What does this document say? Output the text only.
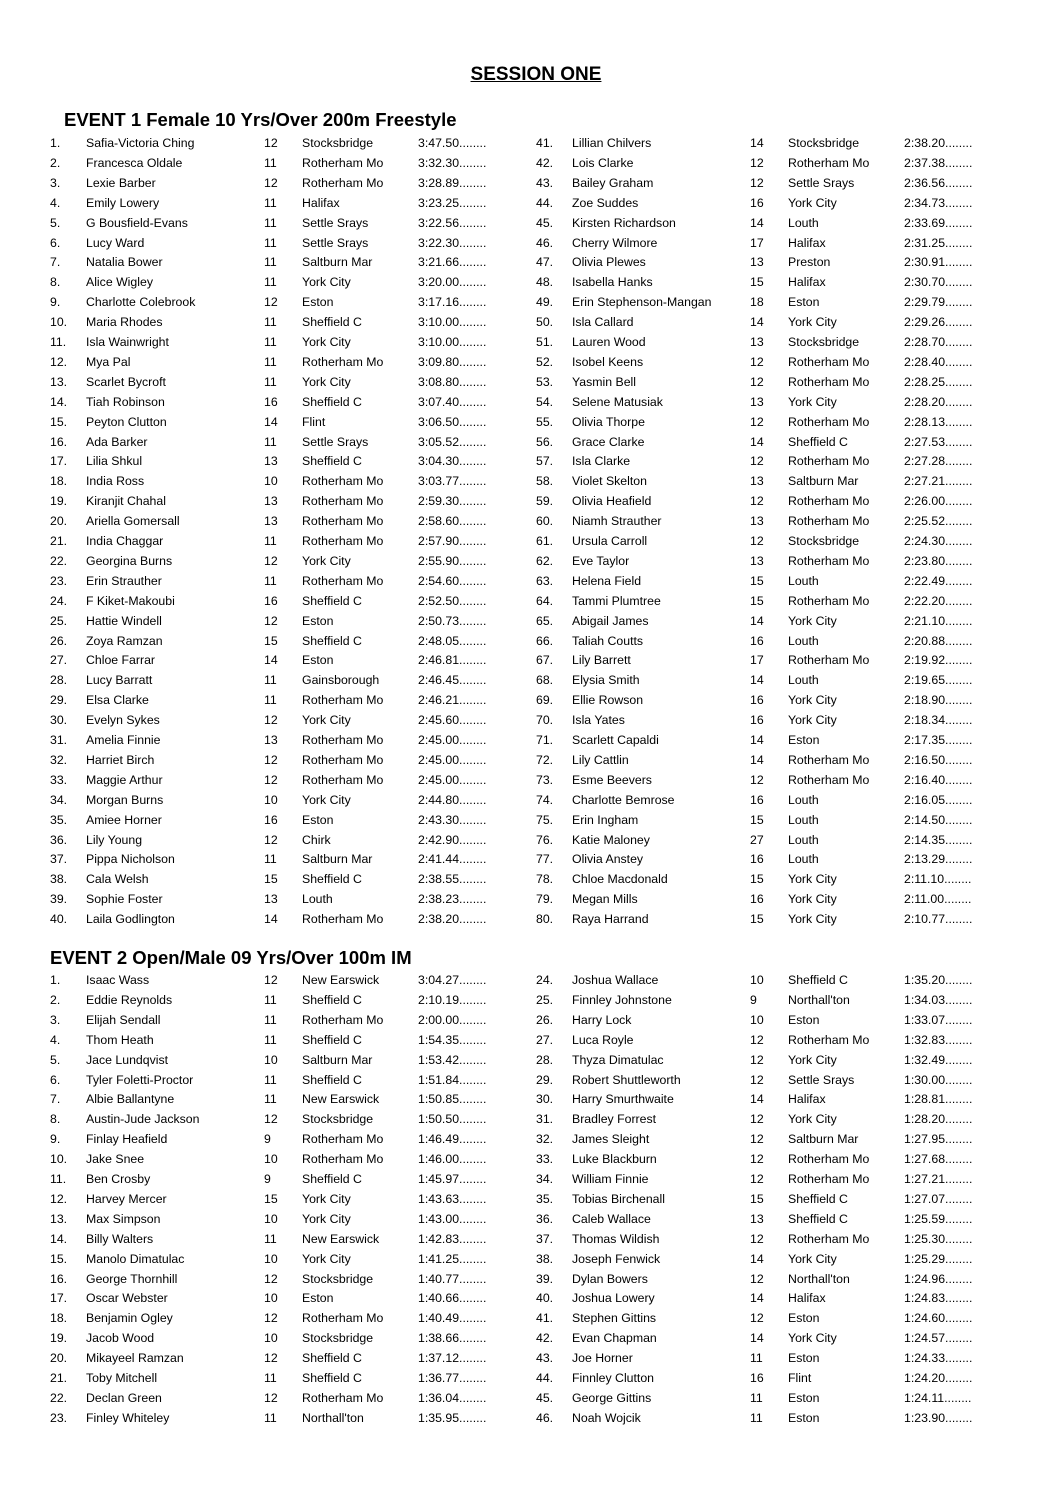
SESSION ONE
EVENT 1 Female 10 Yrs/Over 200m Freestyle
1. Safia-Victoria Ching	12 Stocksbridge	3:47.50........
2. Francesca Oldale	11 Rotherham Mo	3:32.30........
3. Lexie Barber	12 Rotherham Mo	3:28.89........
4. Emily Lowery	11 Halifax	3:23.25........
5. G Bousfield-Evans	11 Settle Srays	3:22.56........
6. Lucy Ward	11 Settle Srays	3:22.30........
7. Natalia Bower	11 Saltburn Mar	3:21.66........
8. Alice Wigley	11 York City	3:20.00........
9. Charlotte Colebrook	12 Eston	3:17.16........
10. Maria Rhodes	11 Sheffield C	3:10.00........
11. Isla Wainwright	11 York City	3:10.00........
12. Mya Pal	11 Rotherham Mo	3:09.80........
13. Scarlet Bycroft	11 York City	3:08.80........
14. Tiah Robinson	16 Sheffield C	3:07.40........
15. Peyton Clutton	14 Flint	3:06.50........
16. Ada Barker	11 Settle Srays	3:05.52........
17. Lilia Shkul	13 Sheffield C	3:04.30........
18. India Ross	10 Rotherham Mo	3:03.77........
19. Kiranjit Chahal	13 Rotherham Mo	2:59.30........
20. Ariella Gomersall	13 Rotherham Mo	2:58.60........
21. India Chaggar	11 Rotherham Mo	2:57.90........
22. Georgina Burns	12 York City	2:55.90........
23. Erin Strauther	11 Rotherham Mo	2:54.60........
24. F Kiket-Makoubi	16 Sheffield C	2:52.50........
25. Hattie Windell	12 Eston	2:50.73........
26. Zoya Ramzan	15 Sheffield C	2:48.05........
27. Chloe Farrar	14 Eston	2:46.81........
28. Lucy Barratt	11 Gainsborough	2:46.45........
29. Elsa Clarke	11 Rotherham Mo	2:46.21........
30. Evelyn Sykes	12 York City	2:45.60........
31. Amelia Finnie	13 Rotherham Mo	2:45.00........
32. Harriet Birch	12 Rotherham Mo	2:45.00........
33. Maggie Arthur	12 Rotherham Mo	2:45.00........
34. Morgan Burns	10 York City	2:44.80........
35. Amiee Horner	16 Eston	2:43.30........
36. Lily Young	12 Chirk	2:42.90........
37. Pippa Nicholson	11 Saltburn Mar	2:41.44........
38. Cala Welsh	15 Sheffield C	2:38.55........
39. Sophie Foster	13 Louth	2:38.23........
40. Laila Godlington	14 Rotherham Mo	2:38.20........
41. Lillian Chilvers	14 Stocksbridge	2:38.20........
42. Lois Clarke	12 Rotherham Mo	2:37.38........
43. Bailey Graham	12 Settle Srays	2:36.56........
44. Zoe Suddes	16 York City	2:34.73........
45. Kirsten Richardson	14 Louth	2:33.69........
46. Cherry Wilmore	17 Halifax	2:31.25........
47. Olivia Plewes	13 Preston	2:30.91........
48. Isabella Hanks	15 Halifax	2:30.70........
49. Erin Stephenson-Mangan	18 Eston	2:29.79........
50. Isla Callard	14 York City	2:29.26........
51. Lauren Wood	13 Stocksbridge	2:28.70........
52. Isobel Keens	12 Rotherham Mo	2:28.40........
53. Yasmin Bell	12 Rotherham Mo	2:28.25........
54. Selene Matusiak	13 York City	2:28.20........
55. Olivia Thorpe	12 Rotherham Mo	2:28.13........
56. Grace Clarke	14 Sheffield C	2:27.53........
57. Isla Clarke	12 Rotherham Mo	2:27.28........
58. Violet Skelton	13 Saltburn Mar	2:27.21........
59. Olivia Heafield	12 Rotherham Mo	2:26.00........
60. Niamh Strauther	13 Rotherham Mo	2:25.52........
61. Ursula Carroll	12 Stocksbridge	2:24.30........
62. Eve Taylor	13 Rotherham Mo	2:23.80........
63. Helena Field	15 Louth	2:22.49........
64. Tammi Plumtree	15 Rotherham Mo	2:22.20........
65. Abigail James	14 York City	2:21.10........
66. Taliah Coutts	16 Louth	2:20.88........
67. Lily Barrett	17 Rotherham Mo	2:19.92........
68. Elysia Smith	14 Louth	2:19.65........
69. Ellie Rowson	16 York City	2:18.90........
70. Isla Yates	16 York City	2:18.34........
71. Scarlett Capaldi	14 Eston	2:17.35........
72. Lily Cattlin	14 Rotherham Mo	2:16.50........
73. Esme Beevers	12 Rotherham Mo	2:16.40........
74. Charlotte Bemrose	16 Louth	2:16.05........
75. Erin Ingham	15 Louth	2:14.50........
76. Katie Maloney	27 Louth	2:14.35........
77. Olivia Anstey	16 Louth	2:13.29........
78. Chloe Macdonald	15 York City	2:11.10........
79. Megan Mills	16 York City	2:11.00........
80. Raya Harrand	15 York City	2:10.77........
EVENT 2 Open/Male 09 Yrs/Over 100m IM
1. Isaac Wass	12 New Earswick	3:04.27........
2. Eddie Reynolds	11 Sheffield C	2:10.19........
3. Elijah Sendall	11 Rotherham Mo	2:00.00........
4. Thom Heath	11 Sheffield C	1:54.35........
5. Jace Lundqvist	10 Saltburn Mar	1:53.42........
6. Tyler Foletti-Proctor	11 Sheffield C	1:51.84........
7. Albie Ballantyne	11 New Earswick	1:50.85........
8. Austin-Jude Jackson	12 Stocksbridge	1:50.50........
9. Finlay Heafield	9	Rotherham Mo	1:46.49........
10. Jake Snee	10 Rotherham Mo	1:46.00........
11. Ben Crosby	9	Sheffield C	1:45.97........
12. Harvey Mercer	15 York City	1:43.63........
13. Max Simpson	10 York City	1:43.00........
14. Billy Walters	11 New Earswick	1:42.83........
15. Manolo Dimatulac	10 York City	1:41.25........
16. George Thornhill	12 Stocksbridge	1:40.77........
17. Oscar Webster	10 Eston	1:40.66........
18. Benjamin Ogley	12 Rotherham Mo	1:40.49........
19. Jacob Wood	10 Stocksbridge	1:38.66........
20. Mikayeel Ramzan	12 Sheffield C	1:37.12........
21. Toby Mitchell	11 Sheffield C	1:36.77........
22. Declan Green	12 Rotherham Mo	1:36.04........
23. Finley Whiteley	11 Northall'ton	1:35.95........
24. Joshua Wallace	10 Sheffield C	1:35.20........
25. Finnley Johnstone	9	Northall'ton	1:34.03........
26. Harry Lock	10 Eston	1:33.07........
27. Luca Royle	12 Rotherham Mo	1:32.83........
28. Thyza Dimatulac	12 York City	1:32.49........
29. Robert Shuttleworth	12 Settle Srays	1:30.00........
30. Harry Smurthwaite	14 Halifax	1:28.81........
31. Bradley Forrest	12 York City	1:28.20........
32. James Sleight	12 Saltburn Mar	1:27.95........
33. Luke Blackburn	12 Rotherham Mo	1:27.68........
34. William Finnie	12 Rotherham Mo	1:27.21........
35. Tobias Birchenall	15 Sheffield C	1:27.07........
36. Caleb Wallace	13 Sheffield C	1:25.59........
37. Thomas Wildish	12 Rotherham Mo	1:25.30........
38. Joseph Fenwick	14 York City	1:25.29........
39. Dylan Bowers	12 Northall'ton	1:24.96........
40. Joshua Lowery	14 Halifax	1:24.83........
41. Stephen Gittins	12 Eston	1:24.60........
42. Evan Chapman	14 York City	1:24.57........
43. Joe Horner	11 Eston	1:24.33........
44. Finnley Clutton	16 Flint	1:24.20........
45. George Gittins	11 Eston	1:24.11........
46. Noah Wojcik	11 Eston	1:23.90........
